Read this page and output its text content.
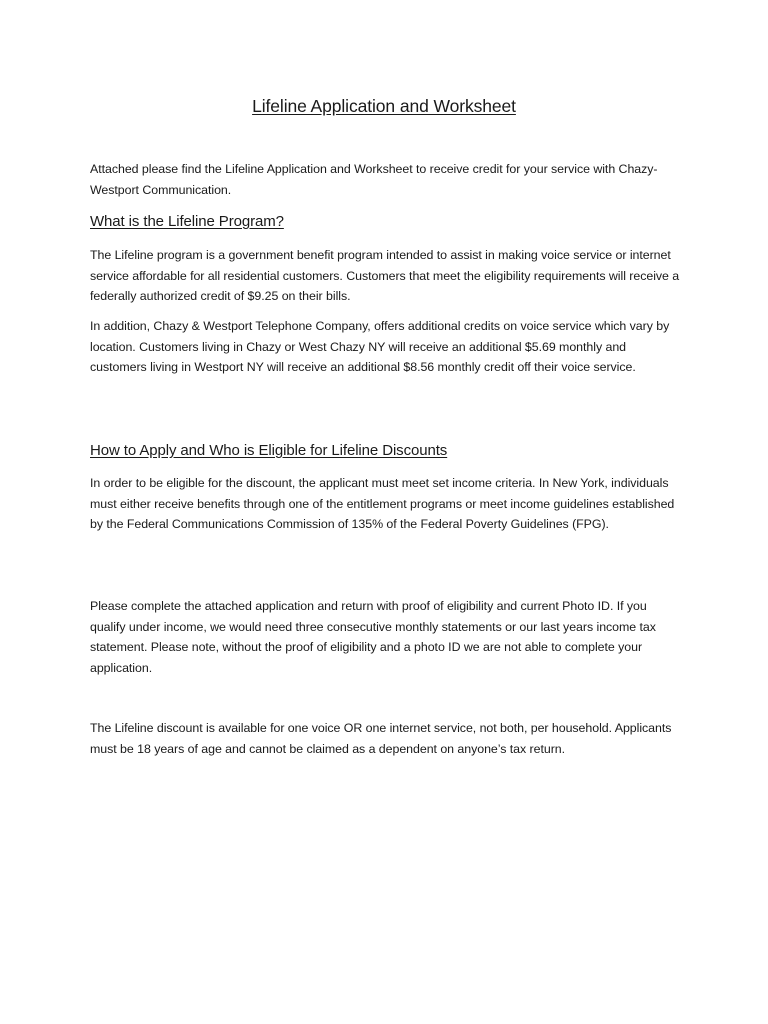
Lifeline Application and Worksheet
Attached please find the Lifeline Application and Worksheet to receive credit for your service with Chazy-Westport Communication.
What is the Lifeline Program?
The Lifeline program is a government benefit program intended to assist in making voice service or internet service affordable for all residential customers. Customers that meet the eligibility requirements will receive a federally authorized credit of $9.25 on their bills.
In addition, Chazy & Westport Telephone Company, offers additional credits on voice service which vary by location. Customers living in Chazy or West Chazy NY will receive an additional $5.69 monthly and customers living in Westport NY will receive an additional $8.56 monthly credit off their voice service.
How to Apply and Who is Eligible for Lifeline Discounts
In order to be eligible for the discount, the applicant must meet set income criteria. In New York, individuals must either receive benefits through one of the entitlement programs or meet income guidelines established by the Federal Communications Commission of 135% of the Federal Poverty Guidelines (FPG).
Please complete the attached application and return with proof of eligibility and current Photo ID. If you qualify under income, we would need three consecutive monthly statements or our last years income tax statement. Please note, without the proof of eligibility and a photo ID we are not able to complete your application.
The Lifeline discount is available for one voice OR one internet service, not both, per household. Applicants must be 18 years of age and cannot be claimed as a dependent on anyone’s tax return.
